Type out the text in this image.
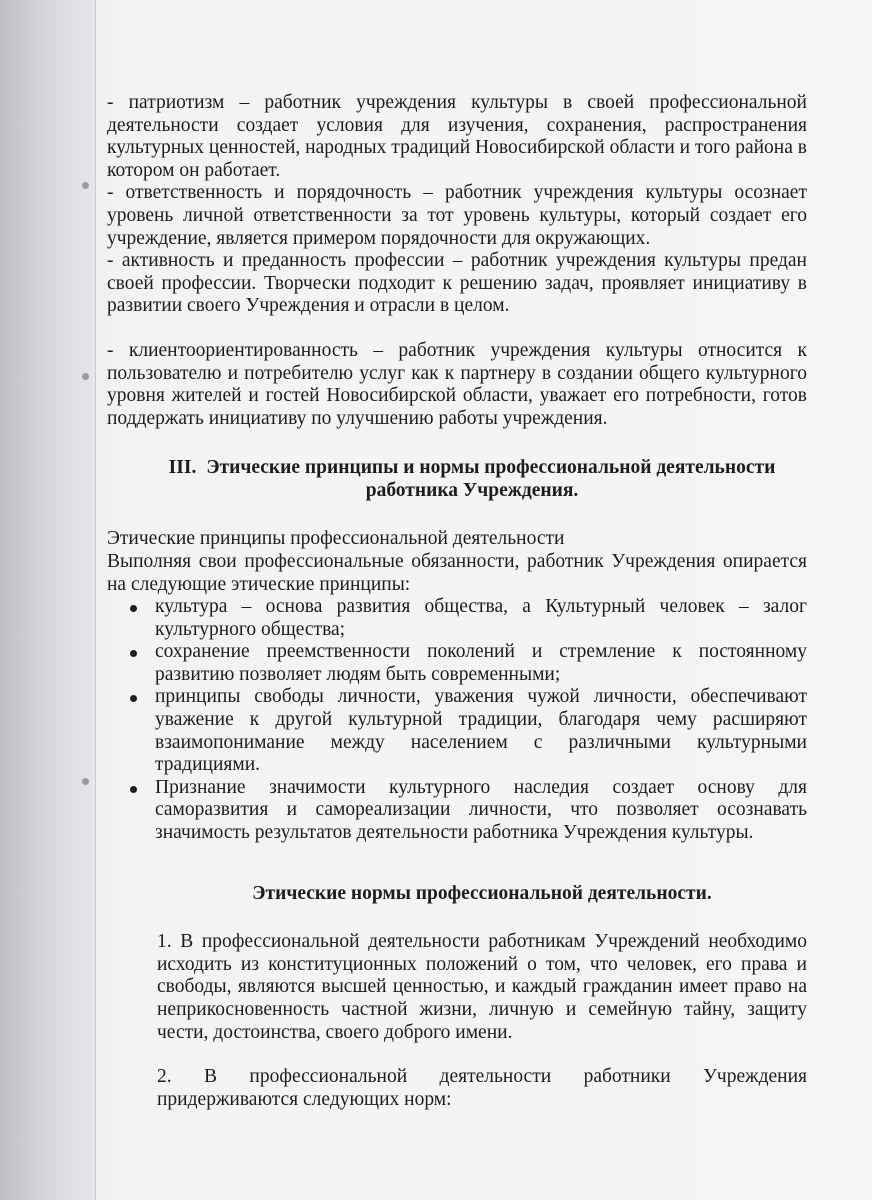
- патриотизм – работник учреждения культуры в своей профессиональной деятельности создает условия для изучения, сохранения, распространения культурных ценностей, народных традиций Новосибирской области и того района в котором он работает.

- ответственность и порядочность – работник учреждения культуры осознает уровень личной ответственности за тот уровень культуры, который создает его учреждение, является примером порядочности для окружающих.

- активность и преданность профессии – работник учреждения культуры предан своей профессии. Творчески подходит к решению задач, проявляет инициативу в развитии своего Учреждения и отрасли в целом.

- клиентоориентированность – работник учреждения культуры относится к пользователю и потребителю услуг как к партнеру в создании общего культурного уровня жителей и гостей Новосибирской области, уважает его потребности, готов поддержать инициативу по улучшению работы учреждения.

III. Этические принципы и нормы профессиональной деятельности
работника Учреждения.

Этические принципы профессиональной деятельности

Выполняя свои профессиональные обязанности, работник Учреждения опирается на следующие этические принципы:

культура – основа развития общества, а Культурный человек – залог культурного общества;
сохранение преемственности поколений и стремление к постоянному развитию позволяет людям быть современными;
принципы свободы личности, уважения чужой личности, обеспечивают уважение к другой культурной традиции, благодаря чему расширяют взаимопонимание между населением с различными культурными традициями.
Признание значимости культурного наследия создает основу для саморазвития и самореализации личности, что позволяет осознавать значимость результатов деятельности работника Учреждения культуры.

Этические нормы профессиональной деятельности.

1. В профессиональной деятельности работникам Учреждений необходимо исходить из конституционных положений о том, что человек, его права и свободы, являются высшей ценностью, и каждый гражданин имеет право на неприкосновенность частной жизни, личную и семейную тайну, защиту чести, достоинства, своего доброго имени.

2. В профессиональной деятельности работники Учреждения придерживаются следующих норм:
